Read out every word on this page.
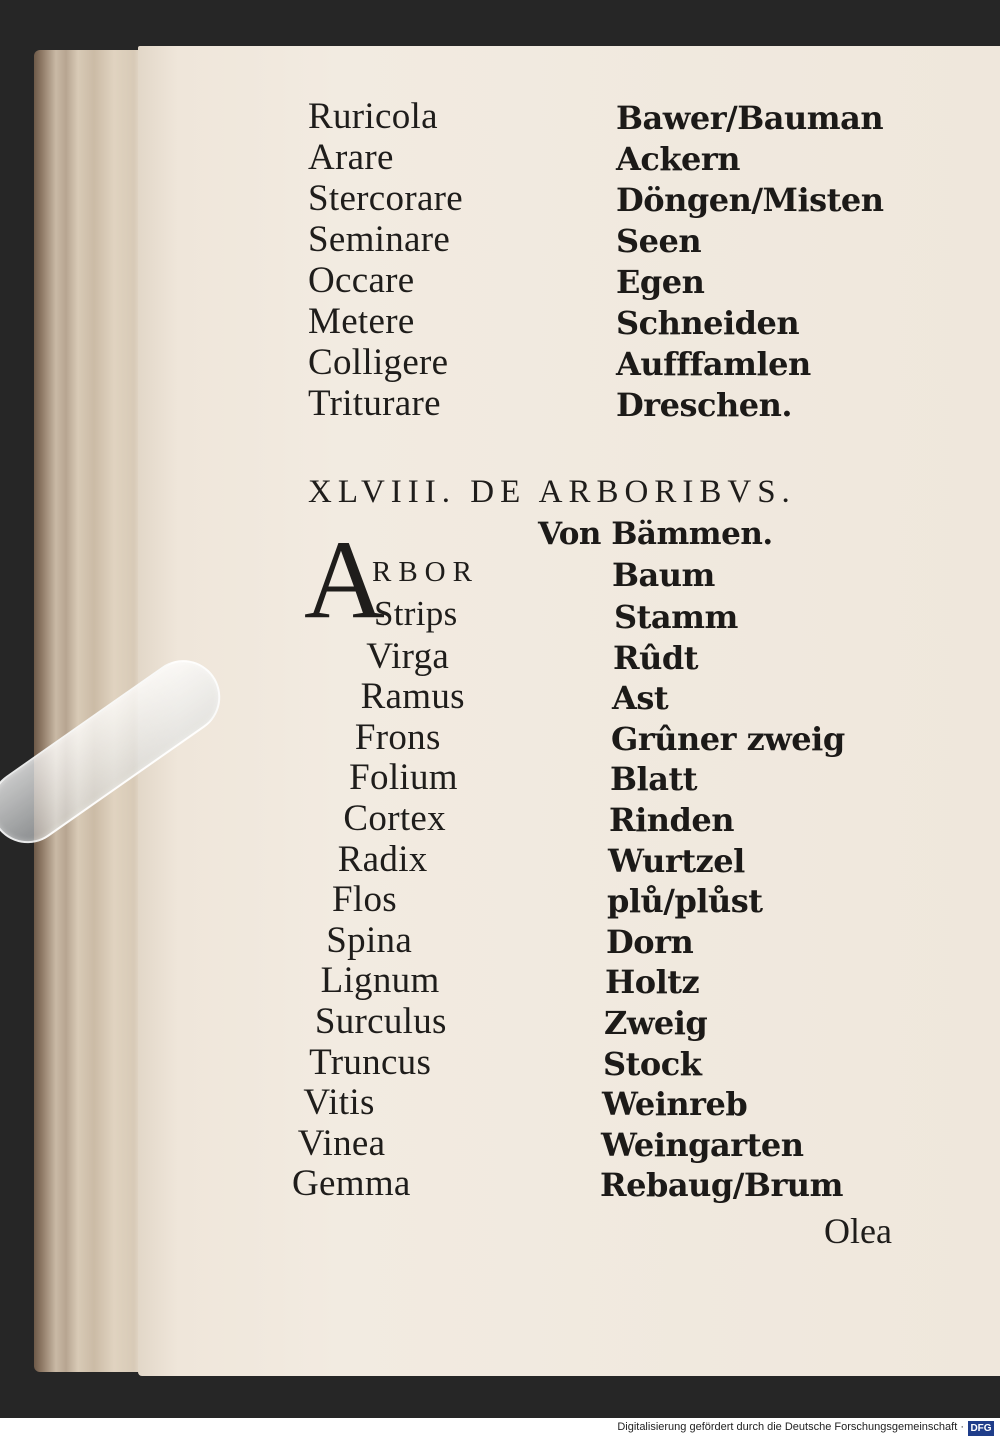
Ruricola	Bawer/Bauman
Arare	Ackern
Stercorare	Döngen/Misten
Seminare	Seen
Occare	Egen
Metere	Schneiden
Colligere	Aufffamlen
Triturare	Dreschen.
XLVIII. DE ARBORIBVS.
Von Bämmen.
A
RBOR	Baum
Strips	Stamm
Virga	Rûdt
Ramus	Ast
Frons	Grûner zweig
Folium	Blatt
Cortex	Rinden
Radix	Wurtzel
Flos	plů/plůst
Spina	Dorn
Lignum	Holtz
Surculus	Zweig
Truncus	Stock
Vitis	Weinreb
Vinea	Weingarten
Gemma	Rebaug/Brum
Olea
Digitalisierung gefördert durch die Deutsche Forschungsgemeinschaft · DFG
